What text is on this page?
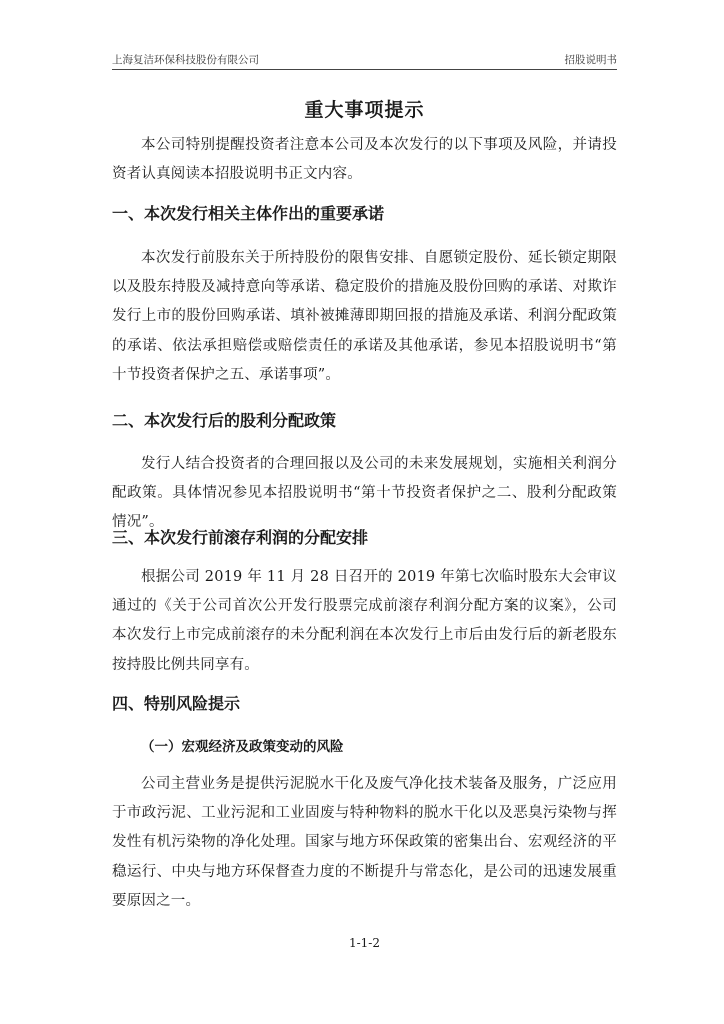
上海复洁环保科技股份有限公司	招股说明书
重大事项提示
本公司特别提醒投资者注意本公司及本次发行的以下事项及风险，并请投资者认真阅读本招股说明书正文内容。
一、本次发行相关主体作出的重要承诺
本次发行前股东关于所持股份的限售安排、自愿锁定股份、延长锁定期限以及股东持股及减持意向等承诺、稳定股价的措施及股份回购的承诺、对欺诈发行上市的股份回购承诺、填补被摊薄即期回报的措施及承诺、利润分配政策的承诺、依法承担赔偿或赔偿责任的承诺及其他承诺，参见本招股说明书“第十节投资者保护之五、承诺事项”。
二、本次发行后的股利分配政策
发行人结合投资者的合理回报以及公司的未来发展规划，实施相关利润分配政策。具体情况参见本招股说明书“第十节投资者保护之二、股利分配政策情况”。
三、本次发行前滚存利润的分配安排
根据公司 2019 年 11 月 28 日召开的 2019 年第七次临时股东大会审议通过的《关于公司首次公开发行股票完成前滚存利润分配方案的议案》，公司本次发行上市完成前滚存的未分配利润在本次发行上市后由发行后的新老股东按持股比例共同享有。
四、特别风险提示
（一）宏观经济及政策变动的风险
公司主营业务是提供污泥脱水干化及废气净化技术装备及服务，广泛应用于市政污泥、工业污泥和工业固废与特种物料的脱水干化以及恶臭污染物与挥发性有机污染物的净化处理。国家与地方环保政策的密集出台、宏观经济的平稳运行、中央与地方环保督查力度的不断提升与常态化，是公司的迅速发展重要原因之一。
1-1-2
